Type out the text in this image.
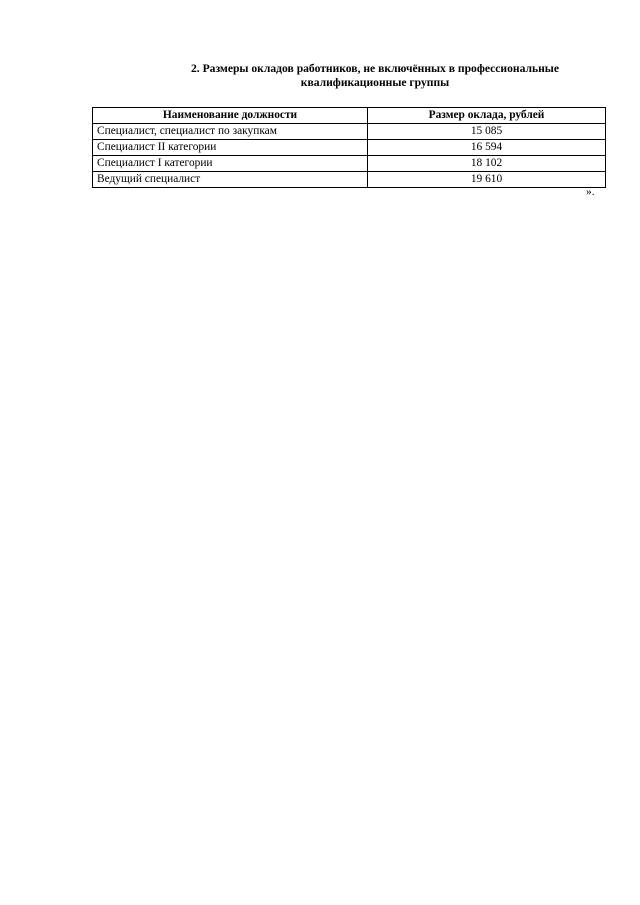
2. Размеры окладов работников, не включённых в профессиональные
квалификационные группы
Наименование должности	Размер оклада, рублей
Специалист, специалист по закупкам	15 085
Специалист II категории	16 594
Специалист I категории	18 102
Ведущий специалист	19 610
».
